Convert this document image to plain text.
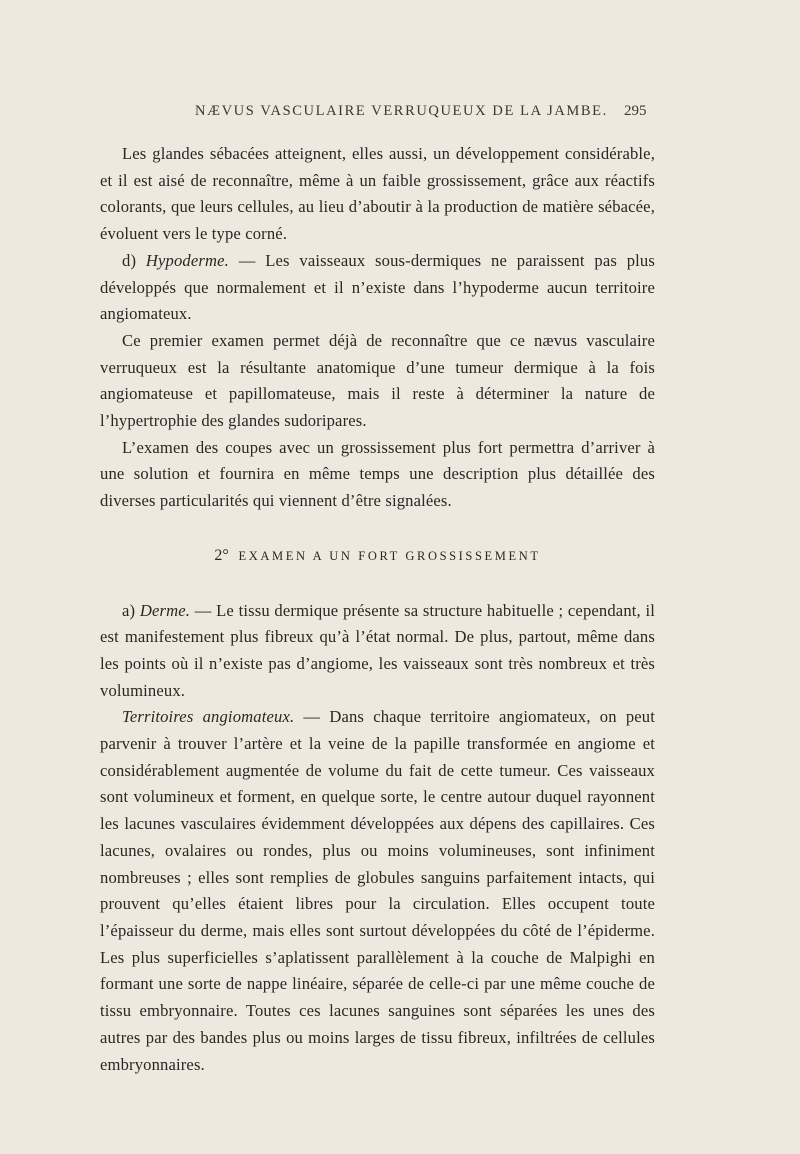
NÆVUS VASCULAIRE VERRUQUEUX DE LA JAMBE. 295

Les glandes sébacées atteignent, elles aussi, un développement considérable, et il est aisé de reconnaître, même à un faible grossissement, grâce aux réactifs colorants, que leurs cellules, au lieu d’aboutir à la production de matière sébacée, évoluent vers le type corné.

d) Hypoderme. — Les vaisseaux sous-dermiques ne paraissent pas plus développés que normalement et il n’existe dans l’hypoderme aucun territoire angiomateux.

Ce premier examen permet déjà de reconnaître que ce nævus vasculaire verruqueux est la résultante anatomique d’une tumeur dermique à la fois angiomateuse et papillomateuse, mais il reste à déterminer la nature de l’hypertrophie des glandes sudoripares.

L’examen des coupes avec un grossissement plus fort permettra d’arriver à une solution et fournira en même temps une description plus détaillée des diverses particularités qui viennent d’être signalées.

2° EXAMEN A UN FORT GROSSISSEMENT

a) Derme. — Le tissu dermique présente sa structure habituelle ; cependant, il est manifestement plus fibreux qu’à l’état normal. De plus, partout, même dans les points où il n’existe pas d’angiome, les vaisseaux sont très nombreux et très volumineux.

Territoires angiomateux. — Dans chaque territoire angiomateux, on peut parvenir à trouver l’artère et la veine de la papille transformée en angiome et considérablement augmentée de volume du fait de cette tumeur. Ces vaisseaux sont volumineux et forment, en quelque sorte, le centre autour duquel rayonnent les lacunes vasculaires évidemment développées aux dépens des capillaires. Ces lacunes, ovalaires ou rondes, plus ou moins volumineuses, sont infiniment nombreuses ; elles sont remplies de globules sanguins parfaitement intacts, qui prouvent qu’elles étaient libres pour la circulation. Elles occupent toute l’épaisseur du derme, mais elles sont surtout développées du côté de l’épiderme. Les plus superficielles s’aplatissent parallèlement à la couche de Malpighi en formant une sorte de nappe linéaire, séparée de celle-ci par une même couche de tissu embryonnaire. Toutes ces lacunes sanguines sont séparées les unes des autres par des bandes plus ou moins larges de tissu fibreux, infiltrées de cellules embryonnaires.
